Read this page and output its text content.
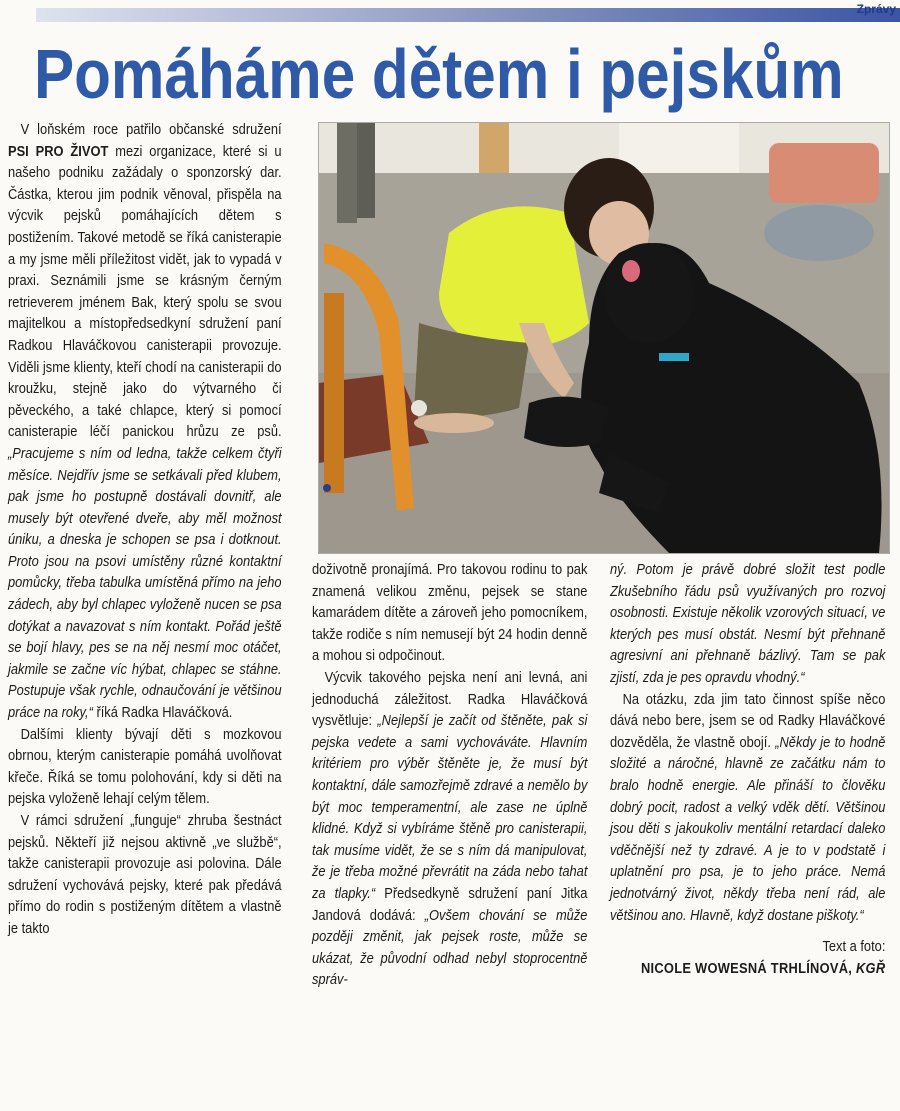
Zprávy
Pomáháme dětem i pejskům

V loňském roce patřilo občanské sdružení PSI PRO ŽIVOT mezi organizace, které si u našeho podniku zažádaly o sponzorský dar. Částka, kterou jim podnik věnoval, přispěla na výcvik pejsků pomáhajících dětem s postižením. Takové metodě se říká canisterapie a my jsme měli příležitost vidět, jak to vypadá v praxi. Seznámili jsme se krásným černým retrieverem jménem Bak, který spolu se svou majitelkou a místopředsedkyní sdružení paní Radkou Hlaváčkovou canisterapii provozuje. Viděli jsme klienty, kteří chodí na canisterapii do kroužku, stejně jako do výtvarného či pěveckého, a také chlapce, který si pomocí canisterapie léčí panickou hrůzu ze psů. „Pracujeme s ním od ledna, takže celkem čtyři měsíce. Nejdřív jsme se setkávali před klubem, pak jsme ho postupně dostávali dovnitř, ale musely být otevřené dveře, aby měl možnost úniku, a dneska je schopen se psa i dotknout. Proto jsou na psovi umístěny různé kontaktní pomůcky, třeba tabulka umístěná přímo na jeho zádech, aby byl chlapec vyloženě nucen se psa dotýkat a navazovat s ním kontakt. Pořád ještě se bojí hlavy, pes se na něj nesmí moc otáčet, jakmile se začne víc hýbat, chlapec se stáhne. Postupuje však rychle, odnaučování je většinou práce na roky,“ říká Radka Hlaváčková.

Dalšími klienty bývají děti s mozkovou obrnou, kterým canisterapie pomáhá uvolňovat křeče. Říká se tomu polohování, kdy si děti na pejska vyloženě lehají celým tělem.

V rámci sdružení „funguje“ zhruba šestnáct pejsků. Někteří již nejsou aktivně „ve službě“, takže canisterapii provozuje asi polovina. Dále sdružení vychovává pejsky, které pak předává přímo do rodin s postiženým dítětem a vlastně je takto

doživotně pronajímá. Pro takovou rodinu to pak znamená velikou změnu, pejsek se stane kamarádem dítěte a zároveň jeho pomocníkem, takže rodiče s ním nemusejí být 24 hodin denně a mohou si odpočinout.

Výcvik takového pejska není ani levná, ani jednoduchá záležitost. Radka Hlaváčková vysvětluje: „Nejlepší je začít od štěněte, pak si pejska vedete a sami vychováváte. Hlavním kritériem pro výběr štěněte je, že musí být kontaktní, dále samozřejmě zdravé a nemělo by být moc temperamentní, ale zase ne úplně klidné. Když si vybíráme štěně pro canisterapii, tak musíme vidět, že se s ním dá manipulovat, že je třeba možné převrátit na záda nebo tahat za tlapky.“ Předsedkyně sdružení paní Jitka Jandová dodává: „Ovšem chování se může později změnit, jak pejsek roste, může se ukázat, že původní odhad nebyl stoprocentně správ-

ný. Potom je právě dobré složit test podle Zkušebního řádu psů využívaných pro rozvoj osobnosti. Existuje několik vzorových situací, ve kterých pes musí obstát. Nesmí být přehnaně agresivní ani přehnaně bázlivý. Tam se pak zjistí, zda je pes opravdu vhodný.“

Na otázku, zda jim tato činnost spíše něco dává nebo bere, jsem se od Radky Hlaváčkové dozvěděla, že vlastně obojí. „Někdy je to hodně složité a náročné, hlavně ze začátku nám to bralo hodně energie. Ale přináší to člověku dobrý pocit, radost a velký vděk dětí. Většinou jsou děti s jakoukoliv mentální retardací daleko vděčnější než ty zdravé. A je to v podstatě i uplatnění pro psa, je to jeho práce. Nemá jednotvárný život, někdy třeba není rád, ale většinou ano. Hlavně, když dostane piškoty.“

Text a foto:

NICOLE WOWESNÁ TRHLÍNOVÁ, KGŘ
